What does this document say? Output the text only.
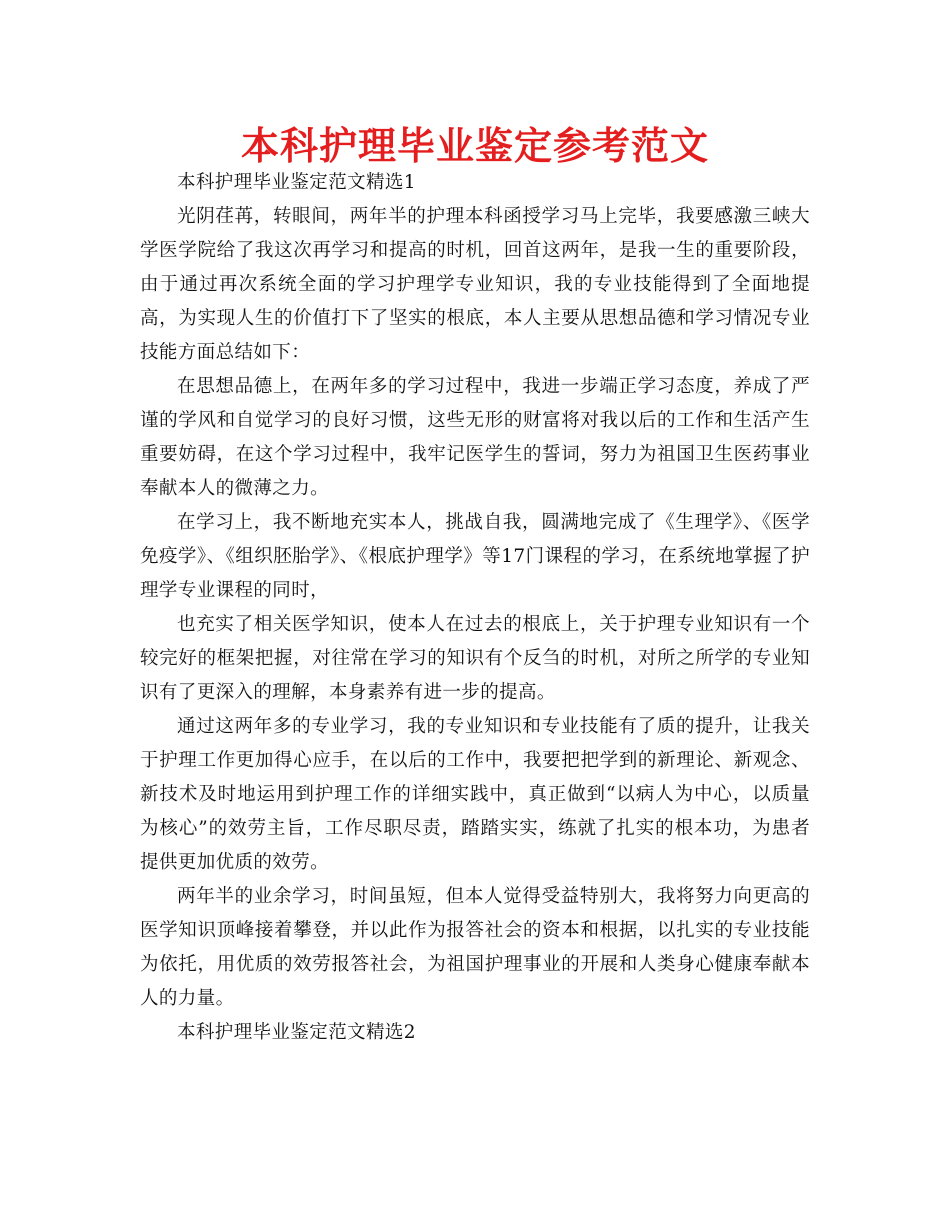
本科护理毕业鉴定参考范文

本科护理毕业鉴定范文精选1

光阴荏苒，转眼间，两年半的护理本科函授学习马上完毕，我要感激三峡大学医学院给了我这次再学习和提高的时机，回首这两年，是我一生的重要阶段，由于通过再次系统全面的学习护理学专业知识，我的专业技能得到了全面地提高，为实现人生的价值打下了坚实的根底，本人主要从思想品德和学习情况专业技能方面总结如下：

在思想品德上，在两年多的学习过程中，我进一步端正学习态度，养成了严谨的学风和自觉学习的良好习惯，这些无形的财富将对我以后的工作和生活产生重要妨碍，在这个学习过程中，我牢记医学生的誓词，努力为祖国卫生医药事业奉献本人的微薄之力。

在学习上，我不断地充实本人，挑战自我，圆满地完成了《生理学》、《医学免疫学》、《组织胚胎学》、《根底护理学》等17门课程的学习，在系统地掌握了护理学专业课程的同时，

也充实了相关医学知识，使本人在过去的根底上，关于护理专业知识有一个较完好的框架把握，对往常在学习的知识有个反刍的时机，对所之所学的专业知识有了更深入的理解，本身素养有进一步的提高。

通过这两年多的专业学习，我的专业知识和专业技能有了质的提升，让我关于护理工作更加得心应手，在以后的工作中，我要把把学到的新理论、新观念、新技术及时地运用到护理工作的详细实践中，真正做到“以病人为中心，以质量为核心”的效劳主旨，工作尽职尽责，踏踏实实，练就了扎实的根本功，为患者提供更加优质的效劳。

两年半的业余学习，时间虽短，但本人觉得受益特别大，我将努力向更高的医学知识顶峰接着攀登，并以此作为报答社会的资本和根据，以扎实的专业技能为依托，用优质的效劳报答社会，为祖国护理事业的开展和人类身心健康奉献本人的力量。

本科护理毕业鉴定范文精选2
